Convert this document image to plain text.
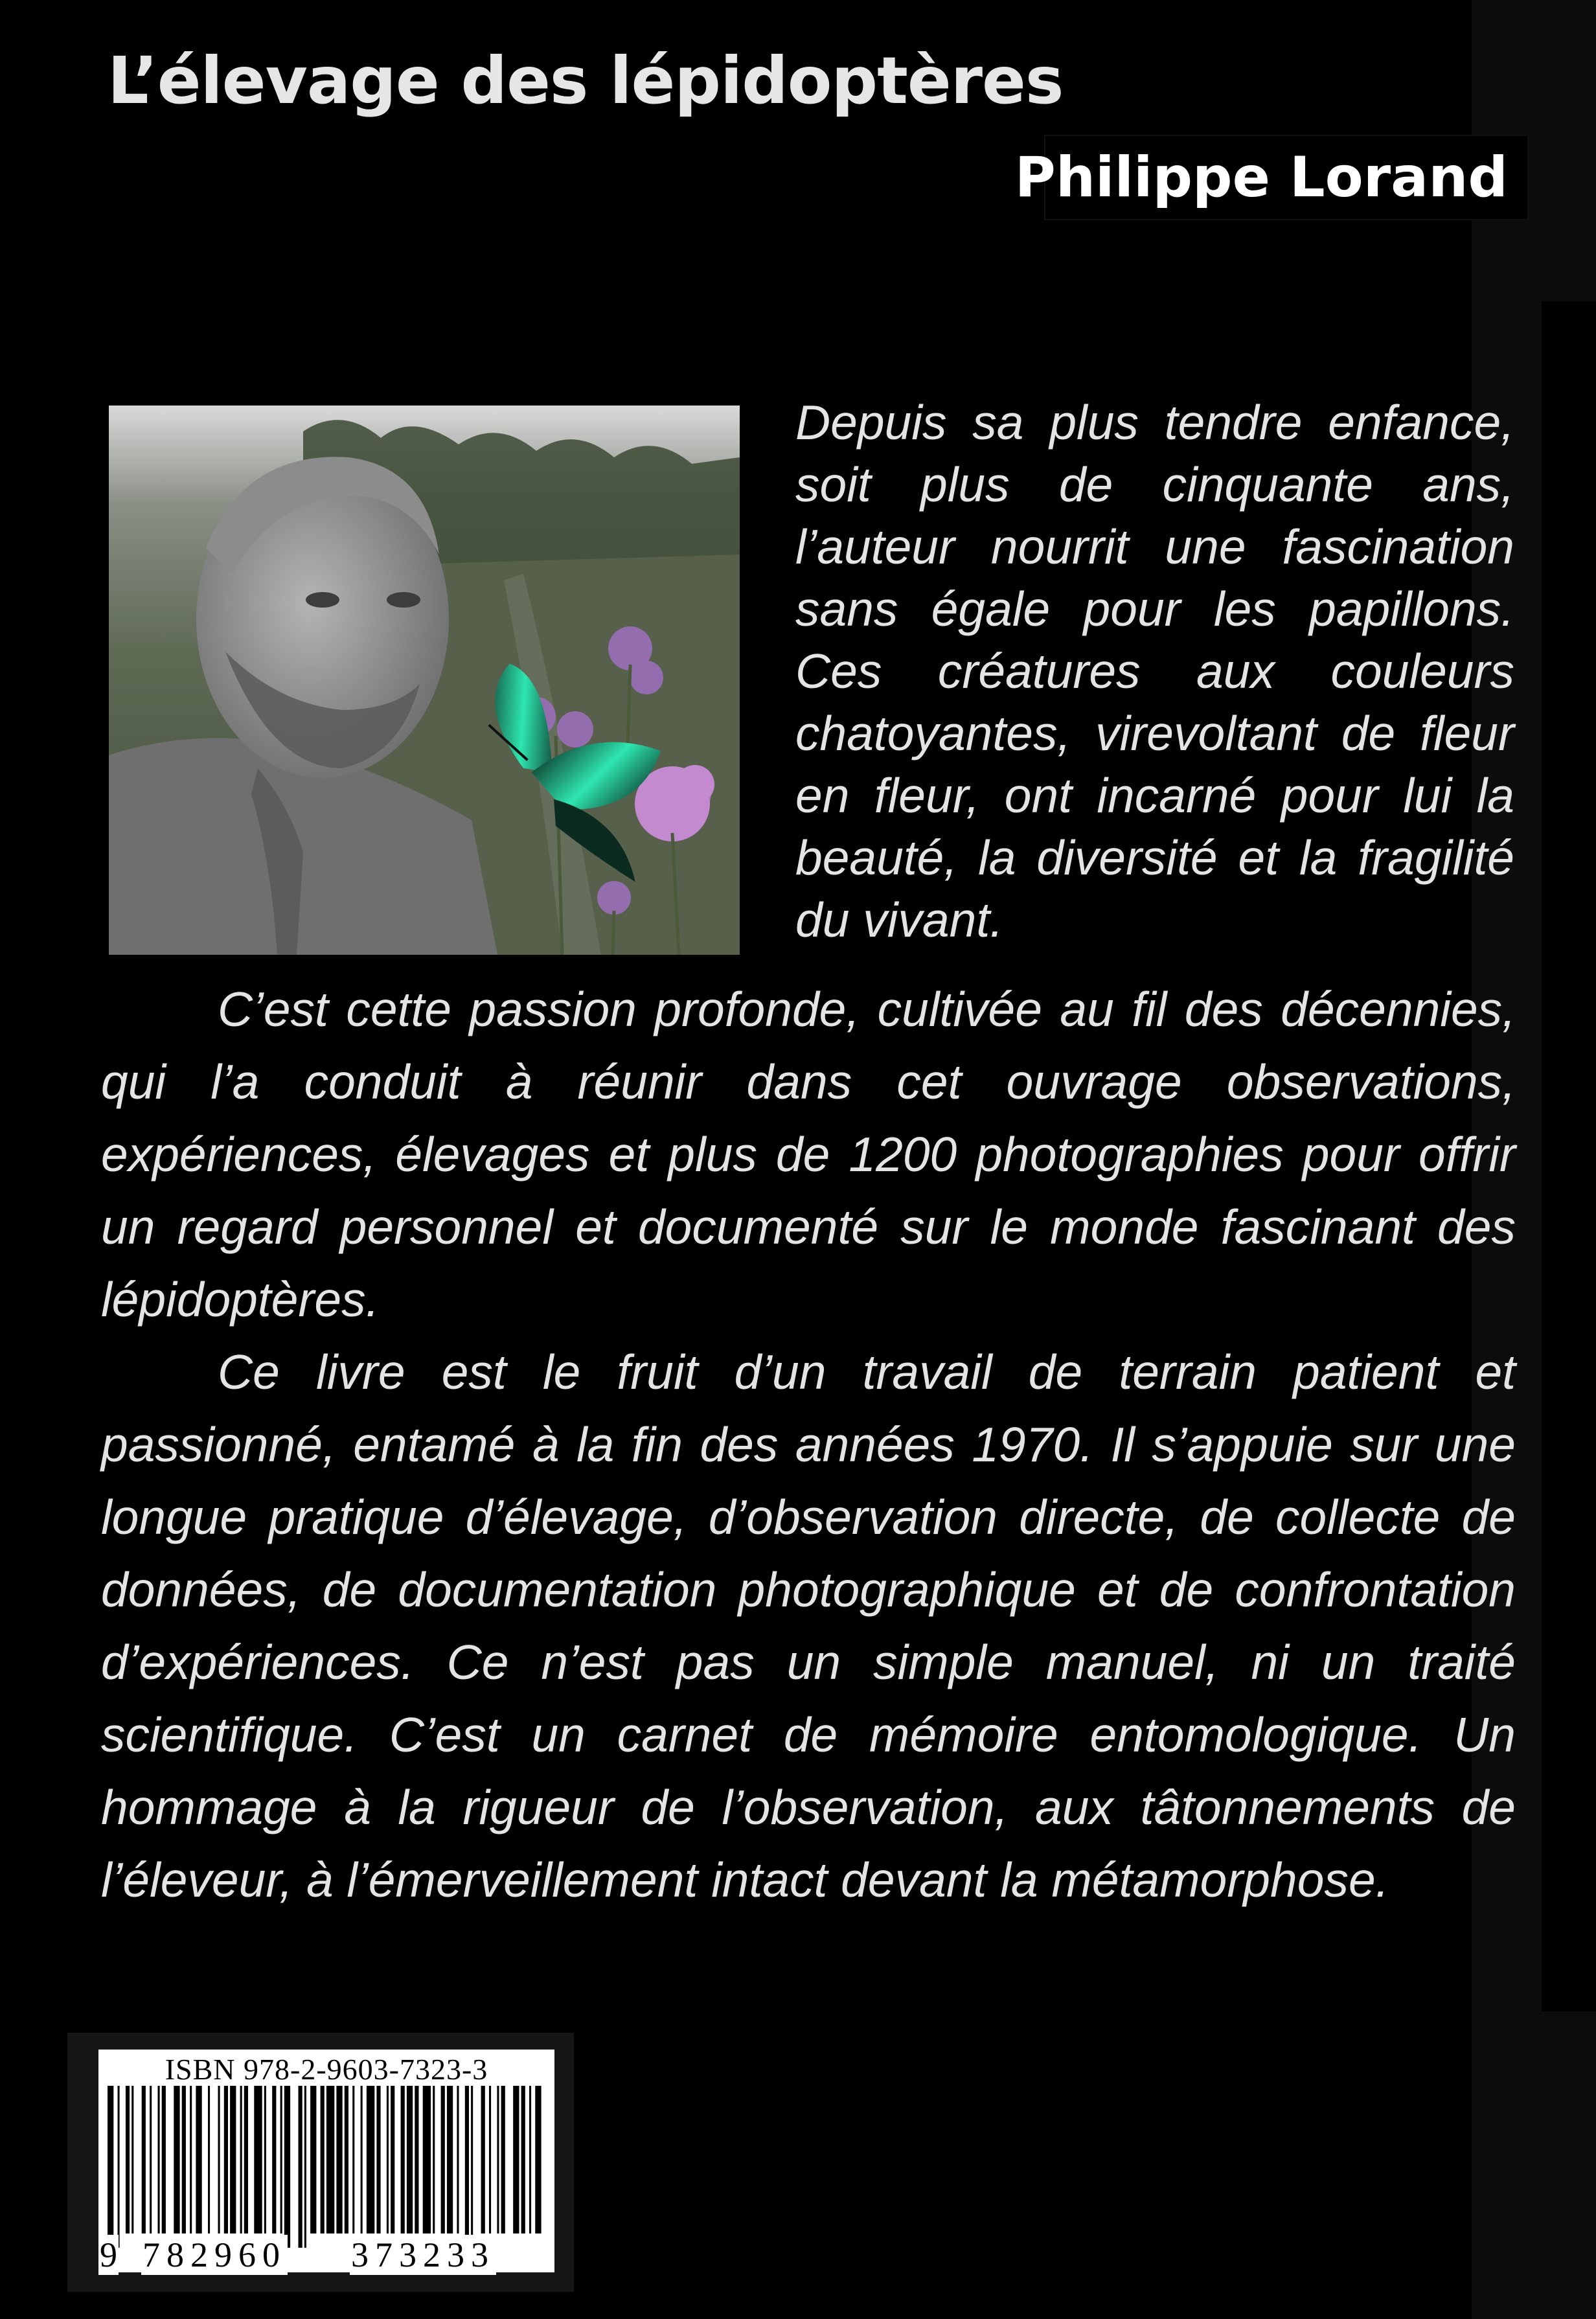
L’élevage des lépidoptères
Philippe Lorand
Depuis sa plus tendre enfance, soit plus de cinquante ans, l’auteur nourrit une fascination sans égale pour les papillons. Ces créatures aux couleurs chatoyantes, virevoltant de fleur en fleur, ont incarné pour lui la beauté, la diversité et la fragilité du vivant.

C’est cette passion profonde, cultivée au fil des décennies, qui l’a conduit à réunir dans cet ouvrage observations, expériences, élevages et plus de 1200 photographies pour offrir un regard personnel et documenté sur le monde fascinant des lépidoptères.

Ce livre est le fruit d’un travail de terrain patient et passionné, entamé à la fin des années 1970. Il s’appuie sur une longue pratique d’élevage, d’observation directe, de collecte de données, de documentation photographique et de confrontation d’expériences. Ce n’est pas un simple manuel, ni un traité scientifique. C’est un carnet de mémoire entomologique. Un hommage à la rigueur de l’observation, aux tâtonnements de l’éleveur, à l’émerveillement intact devant la métamorphose.

ISBN 978-2-9603-7323-3
9 782960 373233
